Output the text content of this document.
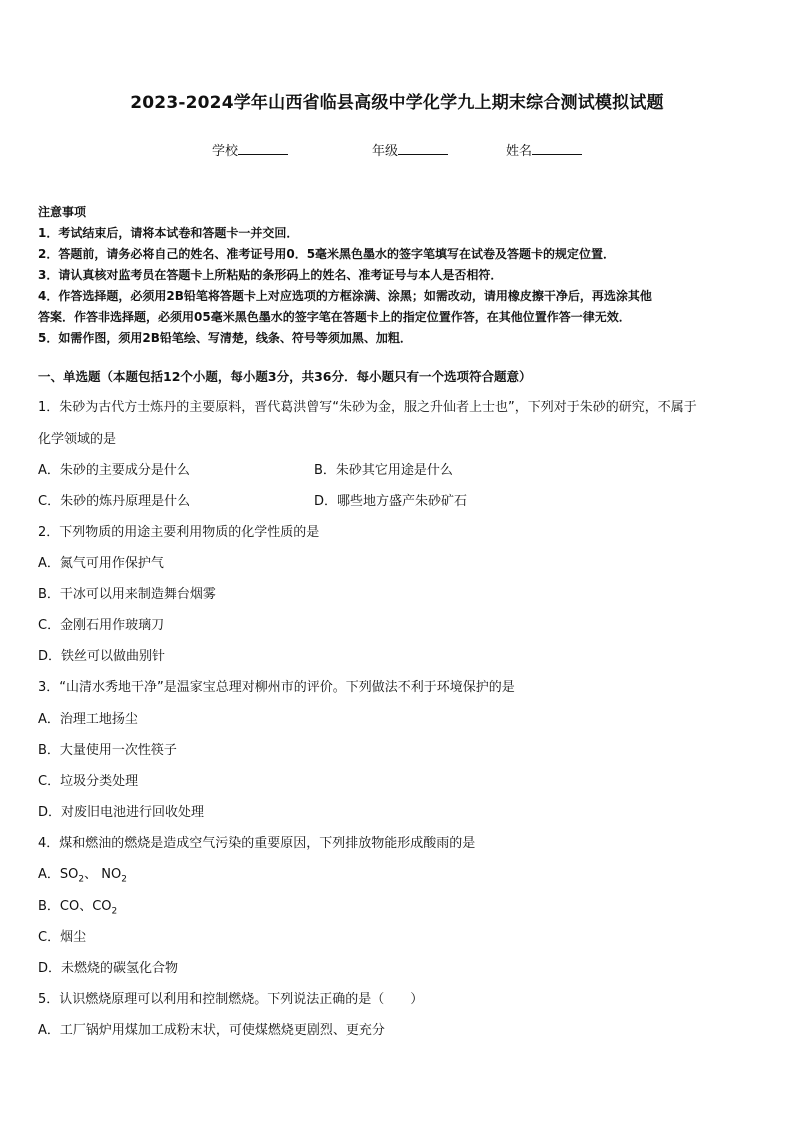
2023-2024学年山西省临县高级中学化学九上期末综合测试模拟试题
学校	年级	姓名
注意事项
1．考试结束后，请将本试卷和答题卡一并交回．
2．答题前，请务必将自己的姓名、准考证号用0．5毫米黑色墨水的签字笔填写在试卷及答题卡的规定位置．
3．请认真核对监考员在答题卡上所粘贴的条形码上的姓名、准考证号与本人是否相符．
4．作答选择题，必须用2B铅笔将答题卡上对应选项的方框涂满、涂黑；如需改动，请用橡皮擦干净后，再选涂其他
答案．作答非选择题，必须用05毫米黑色墨水的签字笔在答题卡上的指定位置作答，在其他位置作答一律无效．
5．如需作图，须用2B铅笔绘、写清楚，线条、符号等须加黑、加粗．
一、单选题（本题包括12个小题，每小题3分，共36分．每小题只有一个选项符合题意）
1．朱砂为古代方士炼丹的主要原料，晋代葛洪曾写“朱砂为金，服之升仙者上士也”，下列对于朱砂的研究，不属于
化学领域的是
A．朱砂的主要成分是什么	B．朱砂其它用途是什么
C．朱砂的炼丹原理是什么	D．哪些地方盛产朱砂矿石
2．下列物质的用途主要利用物质的化学性质的是
A．氮气可用作保护气
B．干冰可以用来制造舞台烟雾
C．金刚石用作玻璃刀
D．铁丝可以做曲别针
3．“山清水秀地干净”是温家宝总理对柳州市的评价。下列做法不利于环境保护的是
A．治理工地扬尘
B．大量使用一次性筷子
C．垃圾分类处理
D．对废旧电池进行回收处理
4．煤和燃油的燃烧是造成空气污染的重要原因，下列排放物能形成酸雨的是
A．$SO_2$、 $NO_2$
B．CO、$CO_2$
C．烟尘
D．未燃烧的碳氢化合物
5．认识燃烧原理可以利用和控制燃烧。下列说法正确的是（　　）
A．工厂锅炉用煤加工成粉末状，可使煤燃烧更剧烈、更充分
